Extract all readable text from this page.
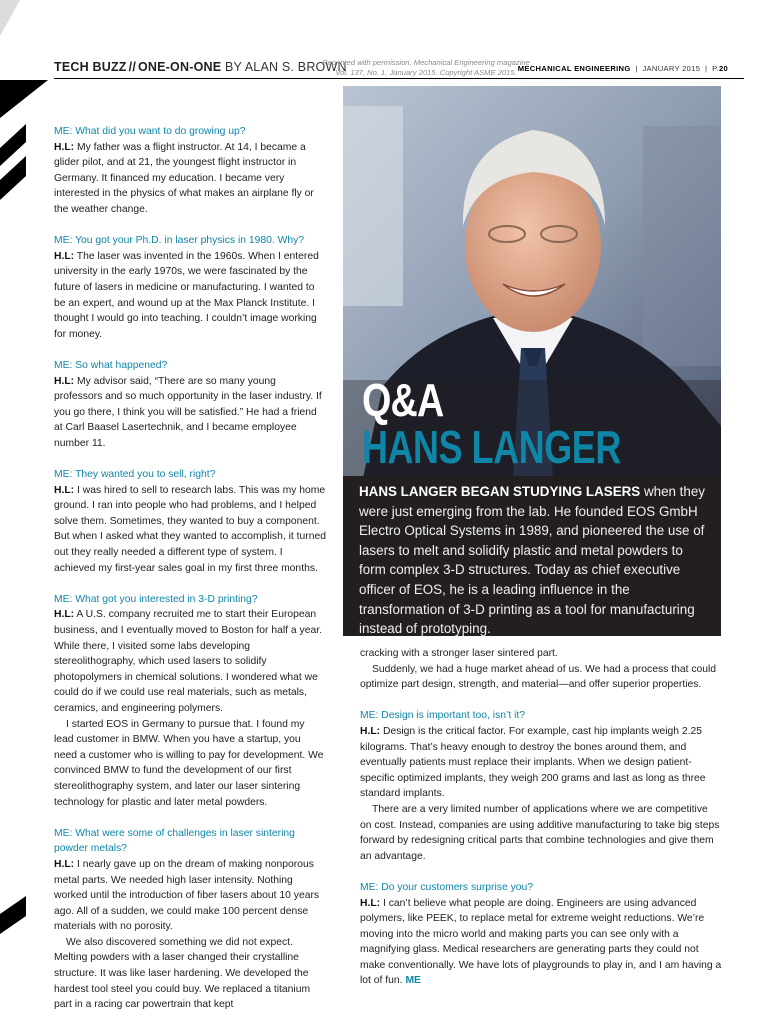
TECH BUZZ // ONE-ON-ONE BY ALAN S. BROWN
Reprinted with permission, Mechanical Engineering magazine
Vol. 137, No. 1, January 2015. Copyright ASME 2015. MECHANICAL ENGINEERING  |  JANUARY 2015  |  P.20

ME: What did you want to do growing up?

H.L: My father was a flight instructor. At 14, I became a glider pilot, and at 21, the youngest flight instructor in Germany. It financed my education. I became very interested in the physics of what makes an airplane fly or the weather change.

ME: You got your Ph.D. in laser physics in 1980. Why?

H.L: The laser was invented in the 1960s. When I entered university in the early 1970s, we were fascinated by the future of lasers in medicine or manufacturing. I wanted to be an expert, and wound up at the Max Planck Institute. I thought I would go into teaching. I couldn’t image working for money.

ME: So what happened?

H.L: My advisor said, “There are so many young professors and so much opportunity in the laser industry. If you go there, I think you will be satisfied.” He had a friend at Carl Baasel Lasertechnik, and I became employee number 11.

ME: They wanted you to sell, right?

H.L: I was hired to sell to research labs. This was my home ground. I ran into people who had problems, and I helped solve them. Sometimes, they wanted to buy a component. But when I asked what they wanted to accomplish, it turned out they really needed a different type of system. I achieved my first-year sales goal in my first three months.

ME: What got you interested in 3-D printing?

H.L: A U.S. company recruited me to start their European business, and I eventually moved to Boston for half a year. While there, I visited some labs developing stereolithography, which used lasers to solidify photopolymers in chemical solutions. I wondered what we could do if we could use real materials, such as metals, ceramics, and engineering polymers.

I started EOS in Germany to pursue that. I found my lead customer in BMW. When you have a startup, you need a customer who is willing to pay for development. We convinced BMW to fund the development of our first stereolithography system, and later our laser sintering technology for plastic and later metal powders.

ME: What were some of challenges in laser sintering powder metals?

H.L: I nearly gave up on the dream of making nonporous metal parts. We needed high laser intensity. Nothing worked until the introduction of fiber lasers about 10 years ago. All of a sudden, we could make 100 percent dense materials with no porosity.

We also discovered something we did not expect. Melting powders with a laser changed their crystalline structure. It was like laser hardening. We developed the hardest tool steel you could buy. We replaced a titanium part in a racing car powertrain that kept

Q&A
HANS LANGER
HANS LANGER BEGAN STUDYING LASERS when they were just emerging from the lab. He founded EOS GmbH Electro Optical Systems in 1989, and pioneered the use of lasers to melt and solidify plastic and metal powders to form complex 3-D structures. Today as chief executive officer of EOS, he is a leading influence in the transformation of 3-D printing as a tool for manufacturing instead of prototyping.

cracking with a stronger laser sintered part.

Suddenly, we had a huge market ahead of us. We had a process that could optimize part design, strength, and material—and offer superior properties.

ME: Design is important too, isn’t it?

H.L: Design is the critical factor. For example, cast hip implants weigh 2.25 kilograms. That’s heavy enough to destroy the bones around them, and eventually patients must replace their implants. When we design patient-specific optimized implants, they weigh 200 grams and last as long as three standard implants.

There are a very limited number of applications where we are competitive on cost. Instead, companies are using additive manufacturing to take big steps forward by redesigning critical parts that combine technologies and give them an advantage.

ME: Do your customers surprise you?

H.L: I can’t believe what people are doing. Engineers are using advanced polymers, like PEEK, to replace metal for extreme weight reductions. We’re moving into the micro world and making parts you can see only with a magnifying glass. Medical researchers are generating parts they could not make conventionally. We have lots of playgrounds to play in, and I am having a lot of fun. ME
